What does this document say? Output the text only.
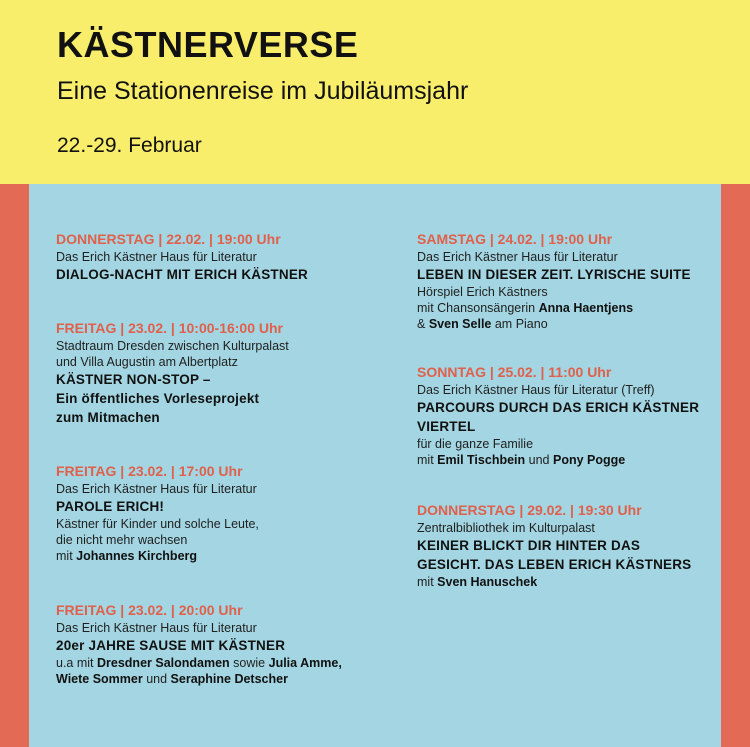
KÄSTNERVERSE
Eine Stationenreise im Jubiläumsjahr
22.-29. Februar
DONNERSTAG | 22.02. | 19:00 Uhr
Das Erich Kästner Haus für Literatur
DIALOG-NACHT MIT ERICH KÄSTNER
FREITAG | 23.02. | 10:00-16:00 Uhr
Stadtraum Dresden zwischen Kulturpalast
und Villa Augustin am Albertplatz
KÄSTNER NON-STOP –
Ein öffentliches Vorleseprojekt
zum Mitmachen
FREITAG | 23.02. | 17:00 Uhr
Das Erich Kästner Haus für Literatur
PAROLE ERICH!
Kästner für Kinder und solche Leute,
die nicht mehr wachsen
mit Johannes Kirchberg
FREITAG | 23.02. | 20:00 Uhr
Das Erich Kästner Haus für Literatur
20er JAHRE SAUSE MIT KÄSTNER
u.a mit Dresdner Salondamen sowie Julia Amme,
Wiete Sommer und Seraphine Detscher
SAMSTAG | 24.02. | 19:00 Uhr
Das Erich Kästner Haus für Literatur
LEBEN IN DIESER ZEIT. LYRISCHE SUITE
Hörspiel Erich Kästners
mit Chansonsängerin Anna Haentjens
& Sven Selle am Piano
SONNTAG | 25.02. | 11:00 Uhr
Das Erich Kästner Haus für Literatur (Treff)
PARCOURS DURCH DAS ERICH KÄSTNER
VIERTEL
für die ganze Familie
mit Emil Tischbein und Pony Pogge
DONNERSTAG | 29.02. | 19:30 Uhr
Zentralbibliothek im Kulturpalast
KEINER BLICKT DIR HINTER DAS
GESICHT. DAS LEBEN ERICH KÄSTNERS
mit Sven Hanuschek
